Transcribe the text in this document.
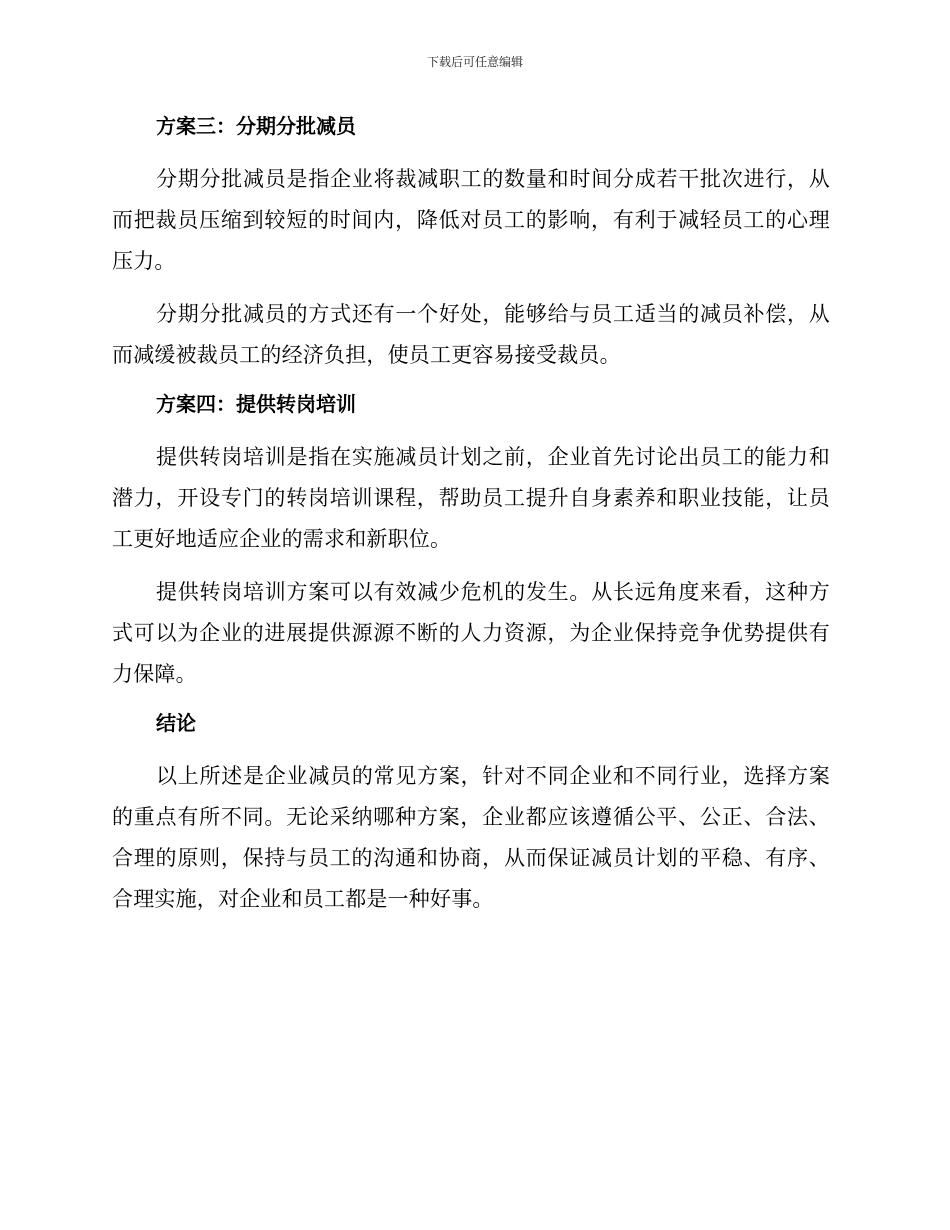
下载后可任意编辑
方案三：分期分批减员

分期分批减员是指企业将裁减职工的数量和时间分成若干批次进行，从而把裁员压缩到较短的时间内，降低对员工的影响，有利于减轻员工的心理压力。

分期分批减员的方式还有一个好处，能够给与员工适当的减员补偿，从而减缓被裁员工的经济负担，使员工更容易接受裁员。

方案四：提供转岗培训

提供转岗培训是指在实施减员计划之前，企业首先讨论出员工的能力和潜力，开设专门的转岗培训课程，帮助员工提升自身素养和职业技能，让员工更好地适应企业的需求和新职位。

提供转岗培训方案可以有效减少危机的发生。从长远角度来看，这种方式可以为企业的进展提供源源不断的人力资源，为企业保持竞争优势提供有力保障。

结论

以上所述是企业减员的常见方案，针对不同企业和不同行业，选择方案的重点有所不同。无论采纳哪种方案，企业都应该遵循公平、公正、合法、合理的原则，保持与员工的沟通和协商，从而保证减员计划的平稳、有序、合理实施，对企业和员工都是一种好事。
